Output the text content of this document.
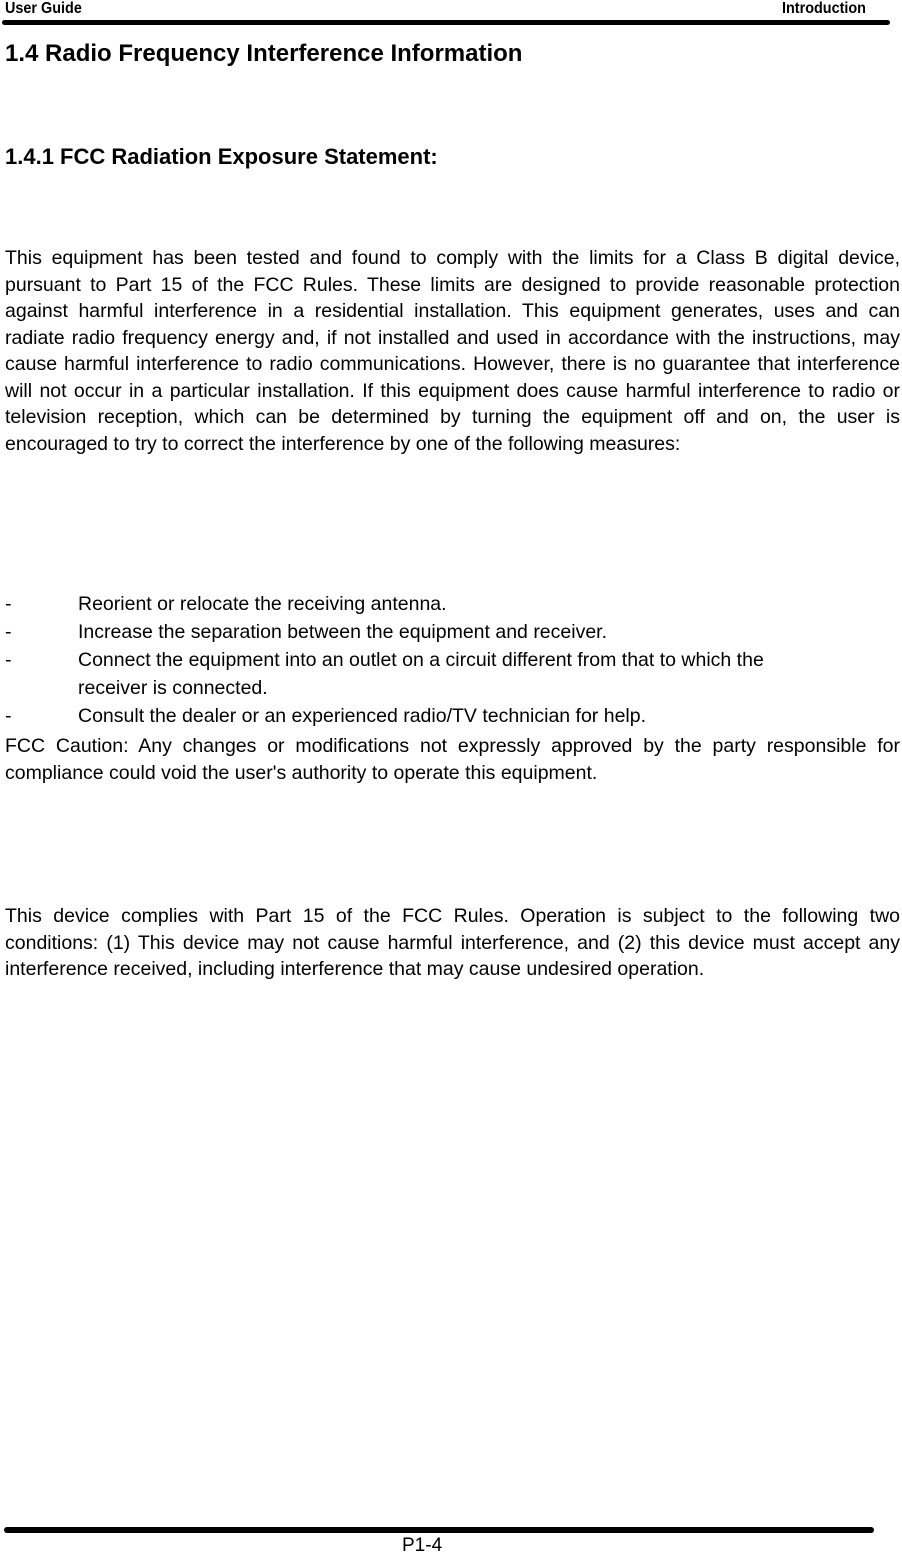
User Guide	Introduction
1.4 Radio Frequency Interference Information
1.4.1 FCC Radiation Exposure Statement:
This equipment has been tested and found to comply with the limits for a Class B digital device, pursuant to Part 15 of the FCC Rules. These limits are designed to provide reasonable protection against harmful interference in a residential installation. This equipment generates, uses and can radiate radio frequency energy and, if not installed and used in accordance with the instructions, may cause harmful interference to radio communications. However, there is no guarantee that interference will not occur in a particular installation. If this equipment does cause harmful interference to radio or television reception, which can be determined by turning the equipment off and on, the user is encouraged to try to correct the interference by one of the following measures:
-	Reorient or relocate the receiving antenna.
-	Increase the separation between the equipment and receiver.
-	Connect the equipment into an outlet on a circuit different from that to which the receiver is connected.
-	Consult the dealer or an experienced radio/TV technician for help.
FCC Caution: Any changes or modifications not expressly approved by the party responsible for compliance could void the user's authority to operate this equipment.
This device complies with Part 15 of the FCC Rules. Operation is subject to the following two conditions: (1) This device may not cause harmful interference, and (2) this device must accept any interference received, including interference that may cause undesired operation.
P1-4
